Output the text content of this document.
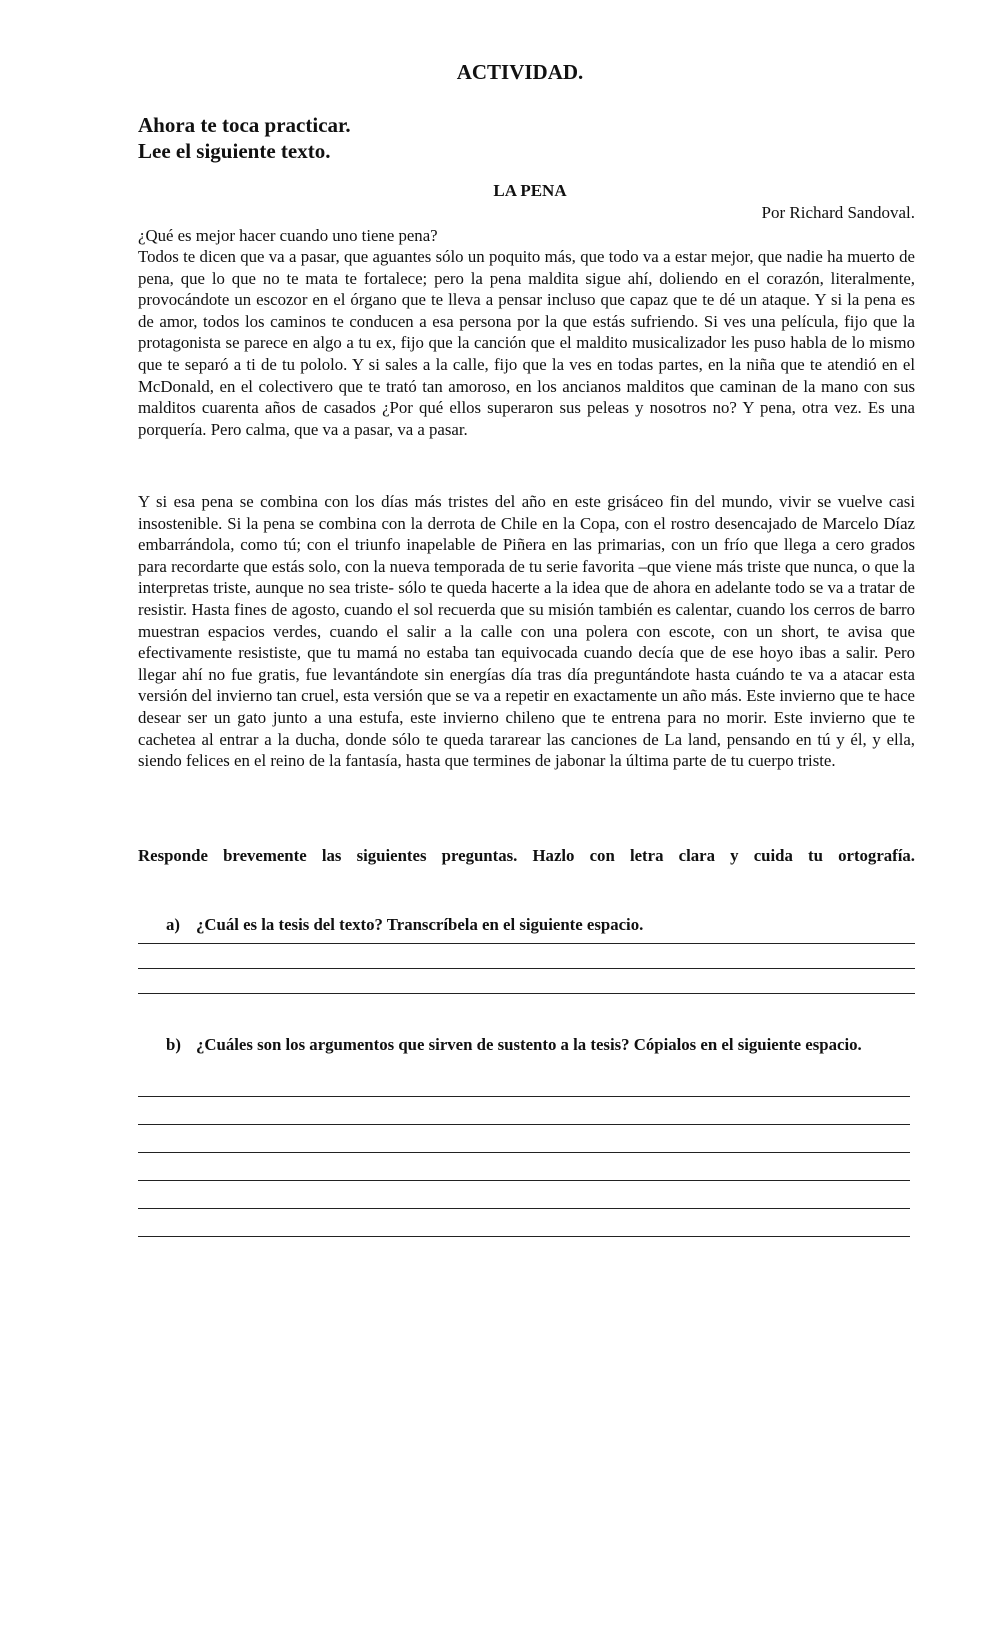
ACTIVIDAD.
Ahora te toca practicar.
Lee el siguiente texto.
LA PENA

Por Richard Sandoval.

¿Qué es mejor hacer cuando uno tiene pena?

Todos te dicen que va a pasar, que aguantes sólo un poquito más, que todo va a estar mejor, que nadie ha muerto de pena, que lo que no te mata te fortalece; pero la pena maldita sigue ahí, doliendo en el corazón, literalmente, provocándote un escozor en el órgano que te lleva a pensar incluso que capaz que te dé un ataque. Y si la pena es de amor, todos los caminos te conducen a esa persona por la que estás sufriendo. Si ves una película, fijo que la protagonista se parece en algo a tu ex, fijo que la canción que el maldito musicalizador les puso habla de lo mismo que te separó a ti de tu pololo. Y si sales a la calle, fijo que la ves en todas partes, en la niña que te atendió en el McDonald, en el colectivero que te trató tan amoroso, en los ancianos malditos que caminan de la mano con sus malditos cuarenta años de casados ¿Por qué ellos superaron sus peleas y nosotros no? Y pena, otra vez. Es una porquería. Pero calma, que va a pasar, va a pasar.

Y si esa pena se combina con los días más tristes del año en este grisáceo fin del mundo, vivir se vuelve casi insostenible. Si la pena se combina con la derrota de Chile en la Copa, con el rostro desencajado de Marcelo Díaz embarrándola, como tú; con el triunfo inapelable de Piñera en las primarias, con un frío que llega a cero grados para recordarte que estás solo, con la nueva temporada de tu serie favorita –que viene más triste que nunca, o que la interpretas triste, aunque no sea triste- sólo te queda hacerte a la idea que de ahora en adelante todo se va a tratar de resistir. Hasta fines de agosto, cuando el sol recuerda que su misión también es calentar, cuando los cerros de barro muestran espacios verdes, cuando el salir a la calle con una polera con escote, con un short, te avisa que efectivamente resististe, que tu mamá no estaba tan equivocada cuando decía que de ese hoyo ibas a salir. Pero llegar ahí no fue gratis, fue levantándote sin energías día tras día preguntándote hasta cuándo te va a atacar esta versión del invierno tan cruel, esta versión que se va a repetir en exactamente un año más. Este invierno que te hace desear ser un gato junto a una estufa, este invierno chileno que te entrena para no morir. Este invierno que te cachetea al entrar a la ducha, donde sólo te queda tararear las canciones de La land, pensando en tú y él, y ella, siendo felices en el reino de la fantasía, hasta que termines de jabonar la última parte de tu cuerpo triste.

Responde brevemente las siguientes preguntas. Hazlo con letra clara y cuida tu ortografía.

a) ¿Cuál es la tesis del texto? Transcríbela en el siguiente espacio.
b) ¿Cuáles son los argumentos que sirven de sustento a la tesis? Cópialos en el siguiente espacio.
